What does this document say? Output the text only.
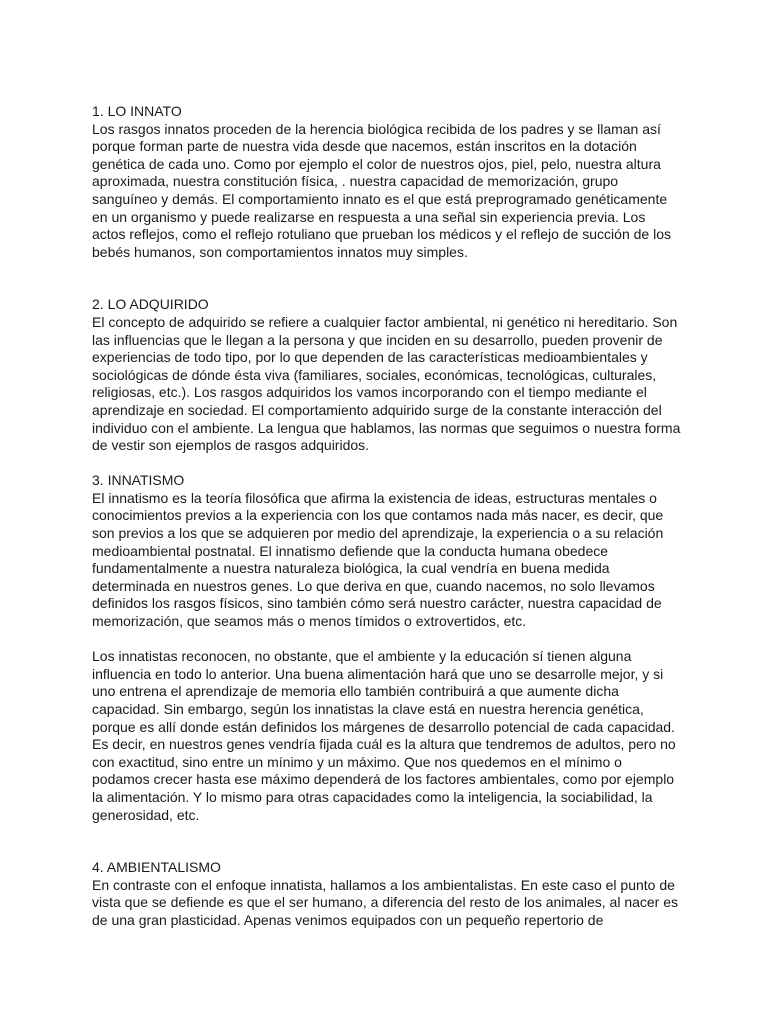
1. LO INNATO

Los rasgos innatos proceden de la herencia biológica recibida de los padres y se llaman así porque forman parte de nuestra vida desde que nacemos, están inscritos en la dotación genética de cada uno. Como por ejemplo el color de nuestros ojos, piel, pelo, nuestra altura aproximada, nuestra constitución física, . nuestra capacidad de memorización, grupo sanguíneo y demás. El comportamiento innato es el que está preprogramado genéticamente en un organismo y puede realizarse en respuesta a una señal sin experiencia previa. Los actos reflejos, como el reflejo rotuliano que prueban los médicos y el reflejo de succión de los bebés humanos, son comportamientos innatos muy simples.

2. LO ADQUIRIDO

El concepto de adquirido se refiere a cualquier factor ambiental, ni genético ni hereditario. Son las influencias que le llegan a la persona y que inciden en su desarrollo, pueden provenir de experiencias de todo tipo, por lo que dependen de las características medioambientales y sociológicas de dónde ésta viva (familiares, sociales, económicas, tecnológicas, culturales, religiosas, etc.). Los rasgos adquiridos los vamos incorporando con el tiempo mediante el aprendizaje en sociedad. El comportamiento adquirido surge de la constante interacción del individuo con el ambiente. La lengua que hablamos, las normas que seguimos o nuestra forma de vestir son ejemplos de rasgos adquiridos.

3. INNATISMO

El innatismo es la teoría filosófica que afirma la existencia de ideas, estructuras mentales o conocimientos previos a la experiencia con los que contamos nada más nacer, es decir, que son previos a los que se adquieren por medio del aprendizaje, la experiencia o a su relación medioambiental postnatal. El innatismo defiende que la conducta humana obedece fundamentalmente a nuestra naturaleza biológica, la cual vendría en buena medida determinada en nuestros genes. Lo que deriva en que, cuando nacemos, no solo llevamos definidos los rasgos físicos, sino también cómo será nuestro carácter, nuestra capacidad de memorización, que seamos más o menos tímidos o extrovertidos, etc.

Los innatistas reconocen, no obstante, que el ambiente y la educación sí tienen alguna influencia en todo lo anterior. Una buena alimentación hará que uno se desarrolle mejor, y si uno entrena el aprendizaje de memoria ello también contribuirá a que aumente dicha capacidad. Sin embargo, según los innatistas la clave está en nuestra herencia genética, porque es allí donde están definidos los márgenes de desarrollo potencial de cada capacidad. Es decir, en nuestros genes vendría fijada cuál es la altura que tendremos de adultos, pero no con exactitud, sino entre un mínimo y un máximo. Que nos quedemos en el mínimo o podamos crecer hasta ese máximo dependerá de los factores ambientales, como por ejemplo la alimentación. Y lo mismo para otras capacidades como la inteligencia, la sociabilidad, la generosidad, etc.

4. AMBIENTALISMO

En contraste con el enfoque innatista, hallamos a los ambientalistas. En este caso el punto de vista que se defiende es que el ser humano, a diferencia del resto de los animales, al nacer es de una gran plasticidad. Apenas venimos equipados con un pequeño repertorio de
